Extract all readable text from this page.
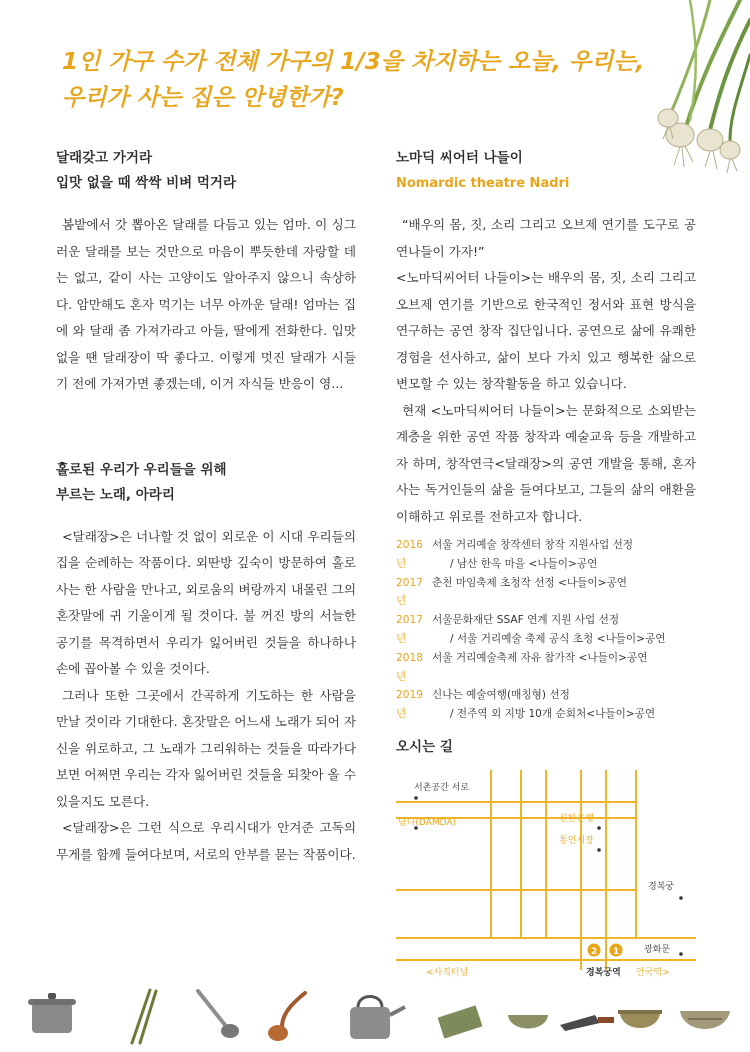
1인 가구 수가 전체 가구의 1/3을 차지하는 오늘, 우리는,
우리가 사는 집은 안녕한가?
달래갖고 가거라
입맛 없을 때 싹싹 비벼 먹거라

봄밭에서 갓 뽑아온 달래를 다듬고 있는 엄마. 이 싱그러운 달래를 보는 것만으로 마음이 뿌듯한데 자랑할 데는 없고, 같이 사는 고양이도 알아주지 않으니 속상하다. 암만해도 혼자 먹기는 너무 아까운 달래! 엄마는 집에 와 달래 좀 가져가라고 아들, 딸에게 전화한다. 입맛 없을 땐 달래장이 딱 좋다고. 이렇게 멋진 달래가 시들기 전에 가져가면 좋겠는데, 이거 자식들 반응이 영...

홀로된 우리가 우리들을 위해
부르는 노래, 아라리

<달래장>은 너나할 것 없이 외로운 이 시대 우리들의 집을 순례하는 작품이다. 외딴방 깊숙이 방문하여 홀로 사는 한 사람을 만나고, 외로움의 벼랑까지 내몰린 그의 혼잣말에 귀 기울이게 될 것이다. 불 꺼진 방의 서늘한 공기를 목격하면서 우리가 잃어버린 것들을 하나하나 손에 꼽아볼 수 있을 것이다.

그러나 또한 그곳에서 간곡하게 기도하는 한 사람을 만날 것이라 기대한다. 혼잣말은 어느새 노래가 되어 자신을 위로하고, 그 노래가 그리워하는 것들을 따라가다 보면 어쩌면 우리는 각자 잃어버린 것들을 되찾아 올 수 있을지도 모른다.

<달래장>은 그런 식으로 우리시대가 안겨준 고독의 무게를 함께 들여다보며, 서로의 안부를 묻는 작품이다.

노마딕 씨어터 나들이
Nomardic theatre Nadri

“배우의 몸, 짓, 소리 그리고 오브제 연기를 도구로 공연나들이 가자!”

<노마딕씨어터 나들이>는 배우의 몸, 짓, 소리 그리고 오브제 연기를 기반으로 한국적인 정서와 표현 방식을 연구하는 공연 창작 집단입니다. 공연으로 삶에 유쾌한 경험을 선사하고, 삶이 보다 가치 있고 행복한 삶으로 변모할 수 있는 창작활동을 하고 있습니다.

현재 <노마딕씨어터 나들이>는 문화적으로 소외받는 계층을 위한 공연 작품 창작과 예술교육 등을 개발하고자 하며, 창작연극<달래장>의 공연 개발을 통해, 혼자 사는 독거인들의 삶을 들여다보고, 그들의 삶의 애환을 이해하고 위로를 전하고자 합니다.

2016년
서울 거리예술 창작센터 창작 지원사업 선정
/ 남산 한옥 마을 <나들이>공연
2017년
춘천 마임축제 초청작 선정 <나들이>공연
2017년
서울문화재단 SSAF 연계 지원 사업 선정
/ 서울 거리예술 축제 공식 초청 <나들이>공연
2018년
서울 거리예술축제 자유 참가작 <나들이>공연
2019년
신나는 예술여행(매칭형) 선정
/ 전주역 외 지방 10개 순회처<나들이>공연
오시는 길
서촌공간 서로
담다(DAMDA)	신한은행
통인시장
경복궁
광화문
<사직터널	경복궁역 안국역>
2 1
